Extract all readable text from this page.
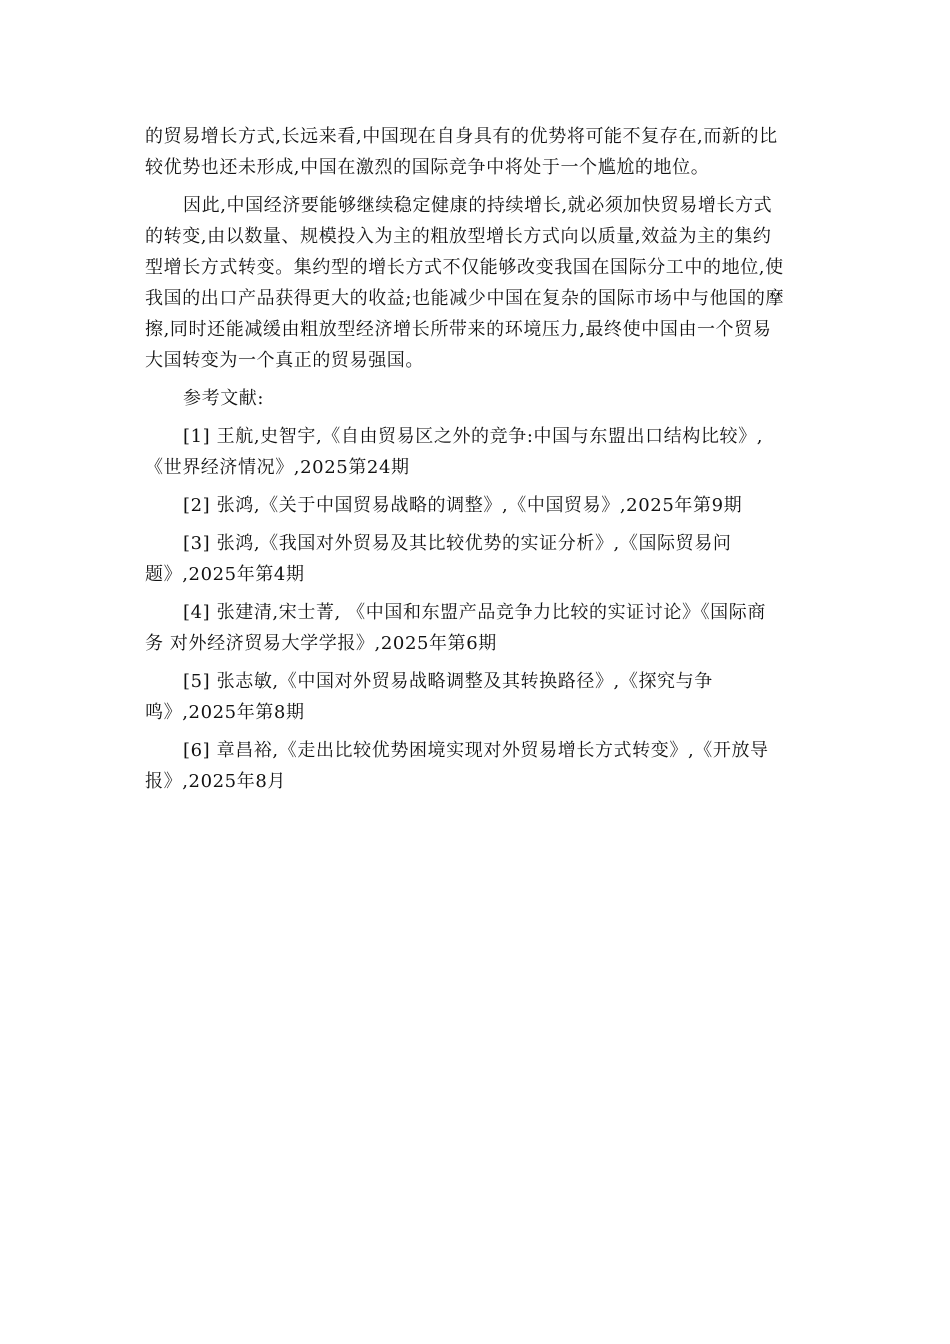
的贸易增长方式,长远来看,中国现在自身具有的优势将可能不复存在,而新的比
较优势也还未形成,中国在激烈的国际竞争中将处于一个尴尬的地位。
因此,中国经济要能够继续稳定健康的持续增长,就必须加快贸易增长方式
的转变,由以数量、规模投入为主的粗放型增长方式向以质量,效益为主的集约
型增长方式转变。集约型的增长方式不仅能够改变我国在国际分工中的地位,使
我国的出口产品获得更大的收益;也能减少中国在复杂的国际市场中与他国的摩
擦,同时还能减缓由粗放型经济增长所带来的环境压力,最终使中国由一个贸易
大国转变为一个真正的贸易强国。
参考文献:
[1] 王航,史智宇,《自由贸易区之外的竞争:中国与东盟出口结构比较》,
《世界经济情况》,2025第24期
[2] 张鸿,《关于中国贸易战略的调整》,《中国贸易》,2025年第9期
[3] 张鸿,《我国对外贸易及其比较优势的实证分析》,《国际贸易问
题》,2025年第4期
[4] 张建清,宋士菁, 《中国和东盟产品竞争力比较的实证讨论》《国际商
务 对外经济贸易大学学报》,2025年第6期
[5] 张志敏,《中国对外贸易战略调整及其转换路径》,《探究与争
鸣》,2025年第8期
[6] 章昌裕,《走出比较优势困境实现对外贸易增长方式转变》,《开放导
报》,2025年8月
